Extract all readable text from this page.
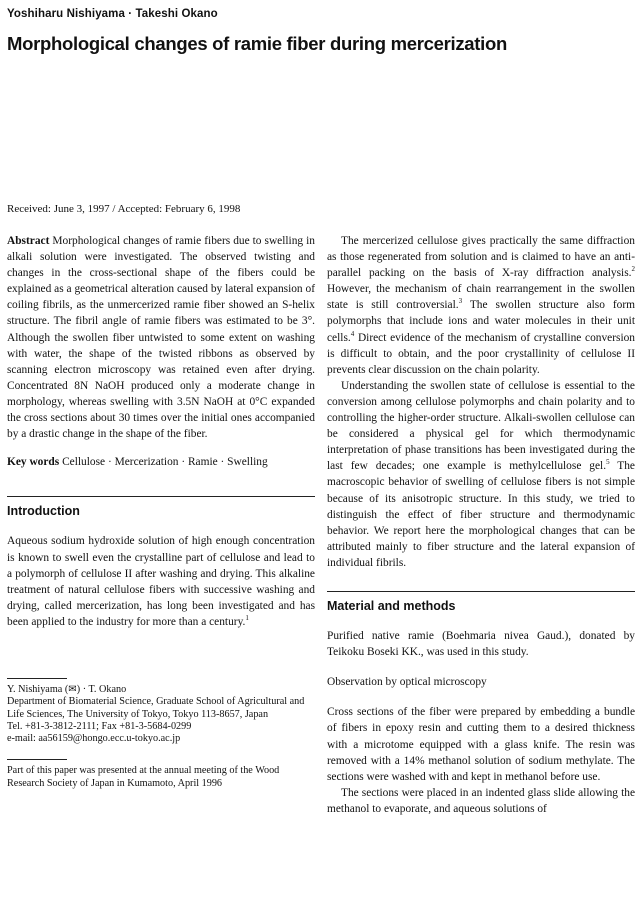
Yoshiharu Nishiyama · Takeshi Okano
Morphological changes of ramie fiber during mercerization
Received: June 3, 1997 / Accepted: February 6, 1998

Abstract Morphological changes of ramie fibers due to swelling in alkali solution were investigated. The observed twisting and changes in the cross-sectional shape of the fibers could be explained as a geometrical alteration caused by lateral expansion of coiling fibrils, as the unmercerized ramie fiber showed an S-helix structure. The fibril angle of ramie fibers was estimated to be 3°. Although the swollen fiber untwisted to some extent on washing with water, the shape of the twisted ribbons as observed by scanning electron microscopy was retained even after drying. Concentrated 8N NaOH produced only a moderate change in morphology, whereas swelling with 3.5N NaOH at 0°C expanded the cross sections about 30 times over the initial ones accompanied by a drastic change in the shape of the fiber.

Key words Cellulose · Mercerization · Ramie · Swelling

Introduction

Aqueous sodium hydroxide solution of high enough concentration is known to swell even the crystalline part of cellulose and lead to a polymorph of cellulose II after washing and drying. This alkaline treatment of natural cellulose fibers with successive washing and drying, called mercerization, has long been investigated and has been applied to the industry for more than a century.$^1$

Y. Nishiyama (✉) · T. Okano
Department of Biomaterial Science, Graduate School of Agricultural and Life Sciences, The University of Tokyo, Tokyo 113-8657, Japan
Tel. +81-3-3812-2111; Fax +81-3-5684-0299
e-mail: aa56159@hongo.ecc.u-tokyo.ac.jp
Part of this paper was presented at the annual meeting of the Wood Research Society of Japan in Kumamoto, April 1996

The mercerized cellulose gives practically the same diffraction as those regenerated from solution and is claimed to have an anti-parallel packing on the basis of X-ray diffraction analysis.$^2$ However, the mechanism of chain rearrangement in the swollen state is still controversial.$^3$ The swollen structure also form polymorphs that include ions and water molecules in their unit cells.$^4$ Direct evidence of the mechanism of crystalline conversion is difficult to obtain, and the poor crystallinity of cellulose II prevents clear discussion on the chain polarity.

Understanding the swollen state of cellulose is essential to the conversion among cellulose polymorphs and chain polarity and to controlling the higher-order structure. Alkali-swollen cellulose can be considered a physical gel for which thermodynamic interpretation of phase transitions has been investigated during the last few decades; one example is methylcellulose gel.$^5$ The macroscopic behavior of swelling of cellulose fibers is not simple because of its anisotropic structure. In this study, we tried to distinguish the effect of fiber structure and thermodynamic behavior. We report here the morphological changes that can be attributed mainly to fiber structure and the lateral expansion of individual fibrils.

Material and methods

Purified native ramie (Boehmaria nivea Gaud.), donated by Teikoku Boseki KK., was used in this study.

Observation by optical microscopy

Cross sections of the fiber were prepared by embedding a bundle of fibers in epoxy resin and cutting them to a desired thickness with a microtome equipped with a glass knife. The resin was removed with a 14% methanol solution of sodium methylate. The sections were washed with and kept in methanol before use.

The sections were placed in an indented glass slide allowing the methanol to evaporate, and aqueous solutions of
